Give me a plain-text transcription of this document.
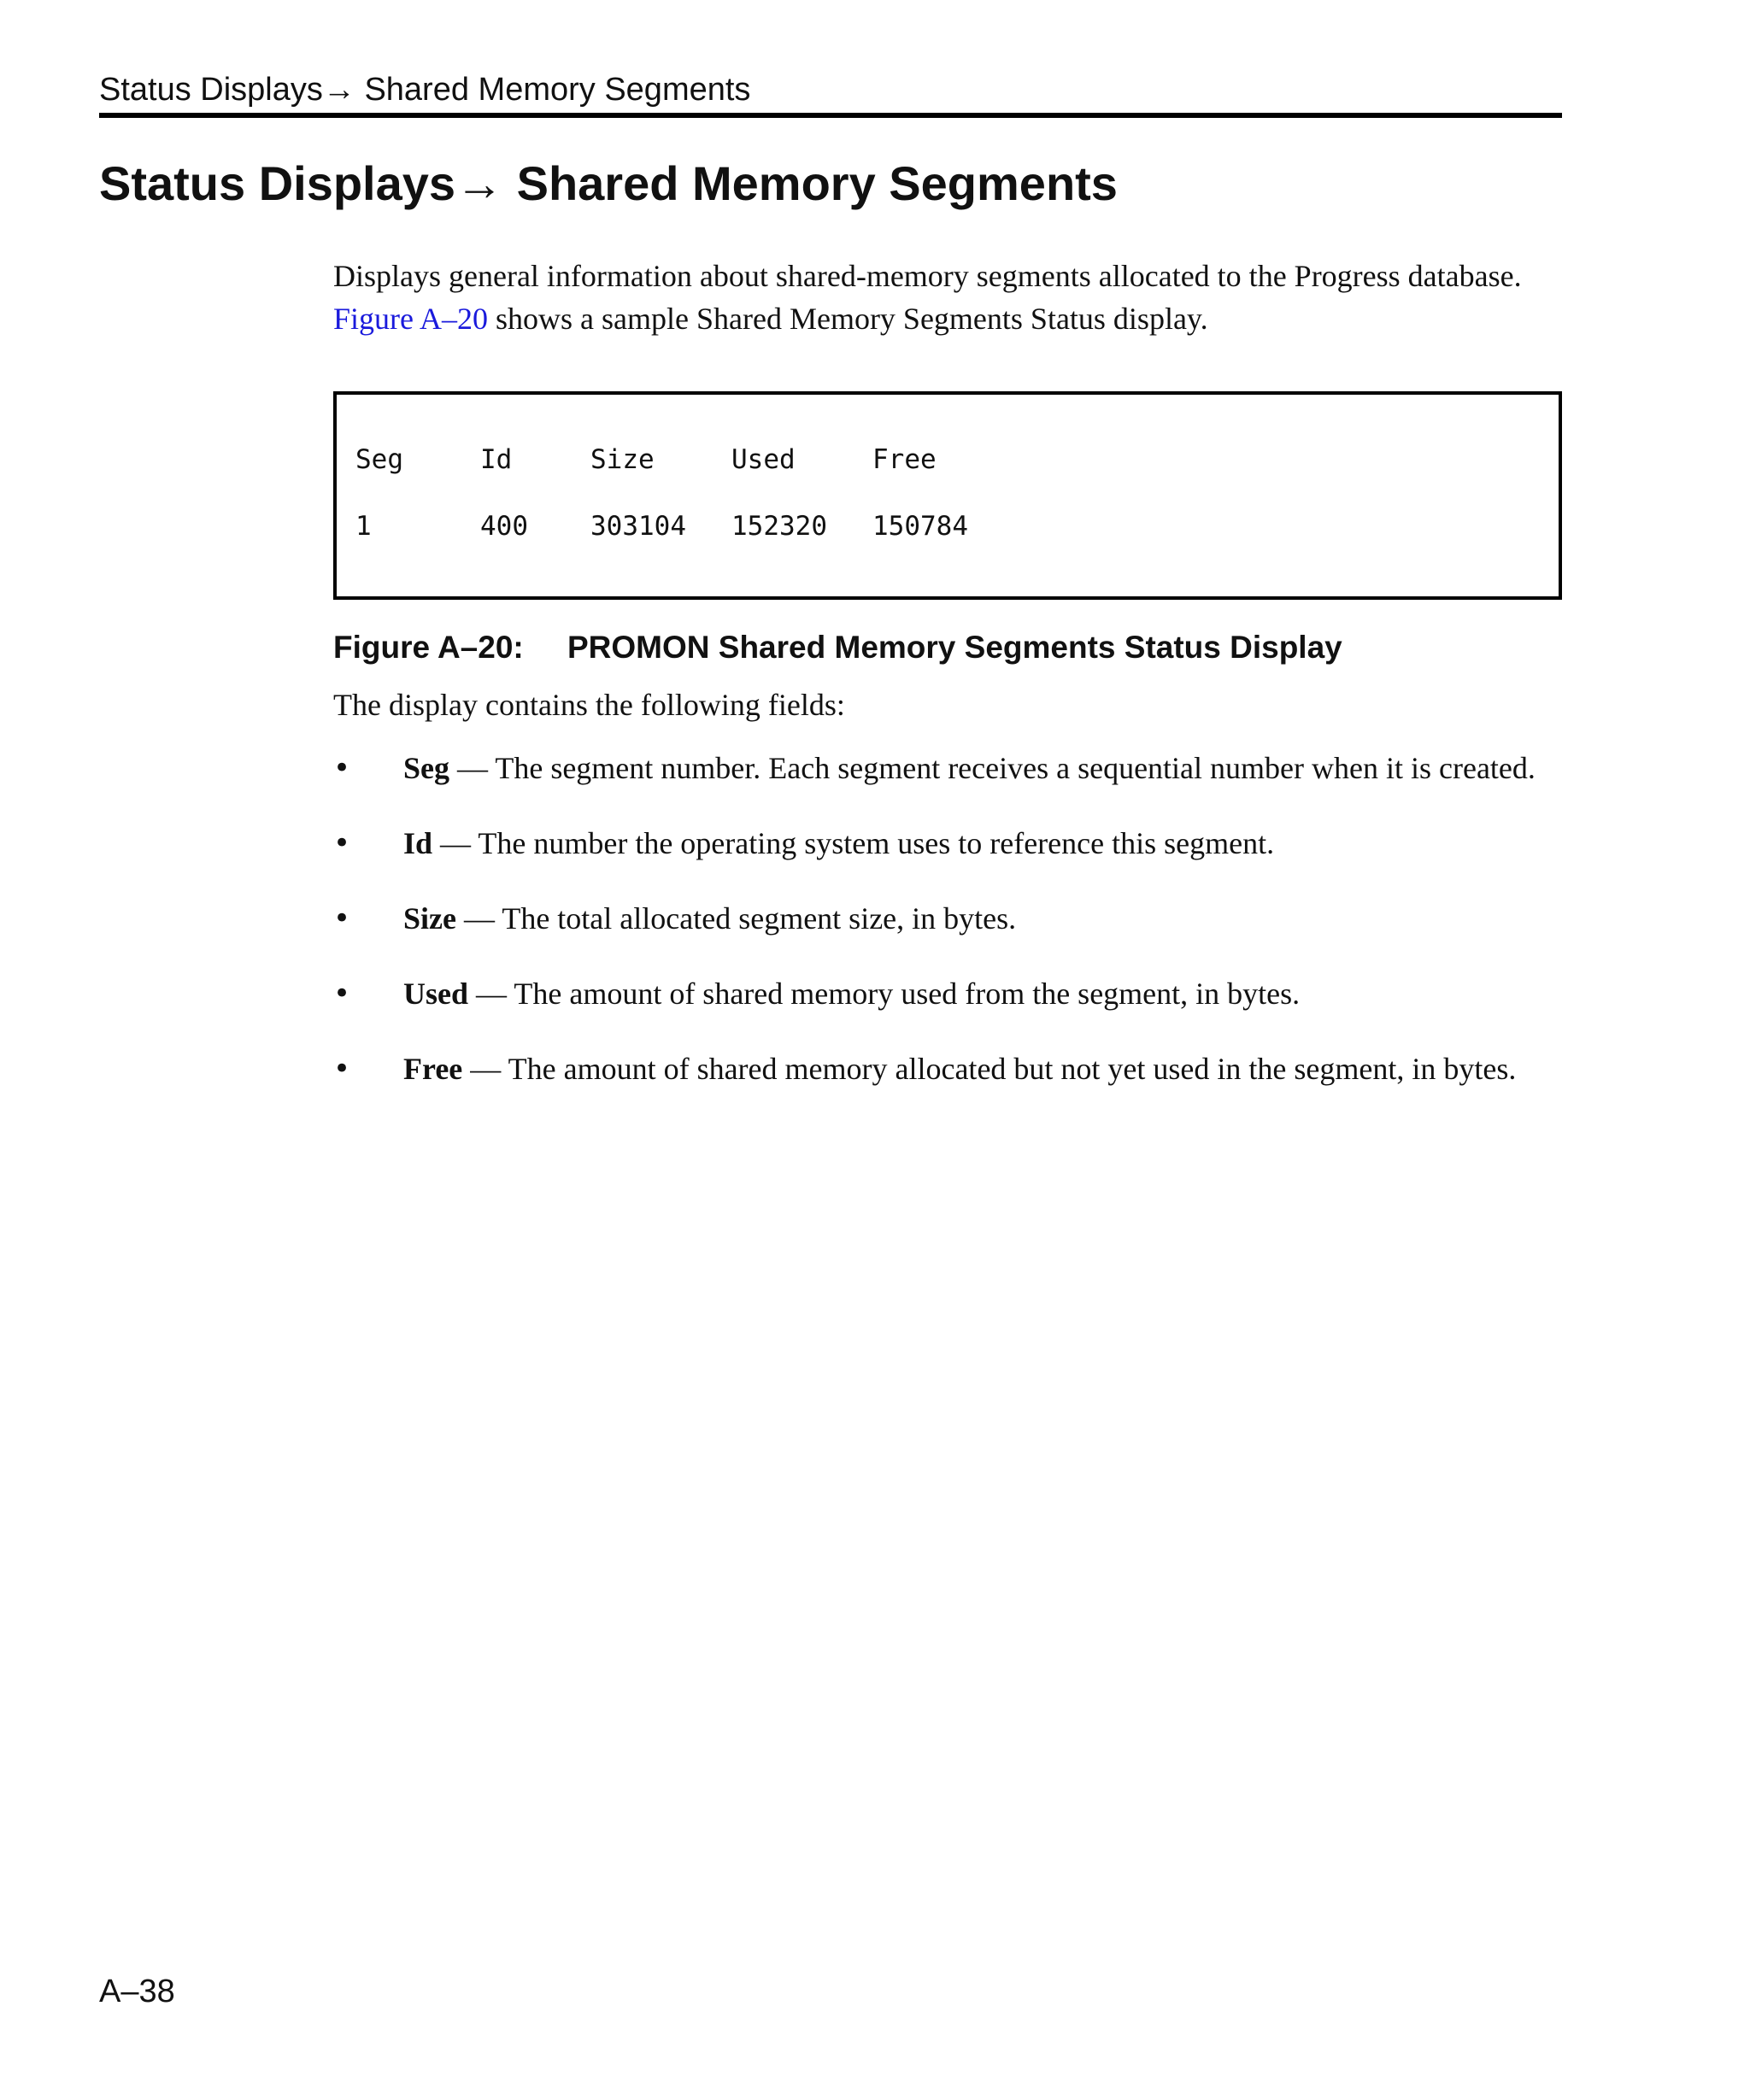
Status Displays→ Shared Memory Segments
Status Displays→ Shared Memory Segments

Displays general information about shared-memory segments allocated to the Progress database. Figure A–20 shows a sample Shared Memory Segments Status display.

Seg	Id	Size	Used	Free
1	400 303104 152320 150784

Figure A–20: PROMON Shared Memory Segments Status Display

The display contains the following fields:

• Seg — The segment number. Each segment receives a sequential number when it is created.
• Id — The number the operating system uses to reference this segment.
• Size — The total allocated segment size, in bytes.
• Used — The amount of shared memory used from the segment, in bytes.
• Free — The amount of shared memory allocated but not yet used in the segment, in bytes.
A–38
